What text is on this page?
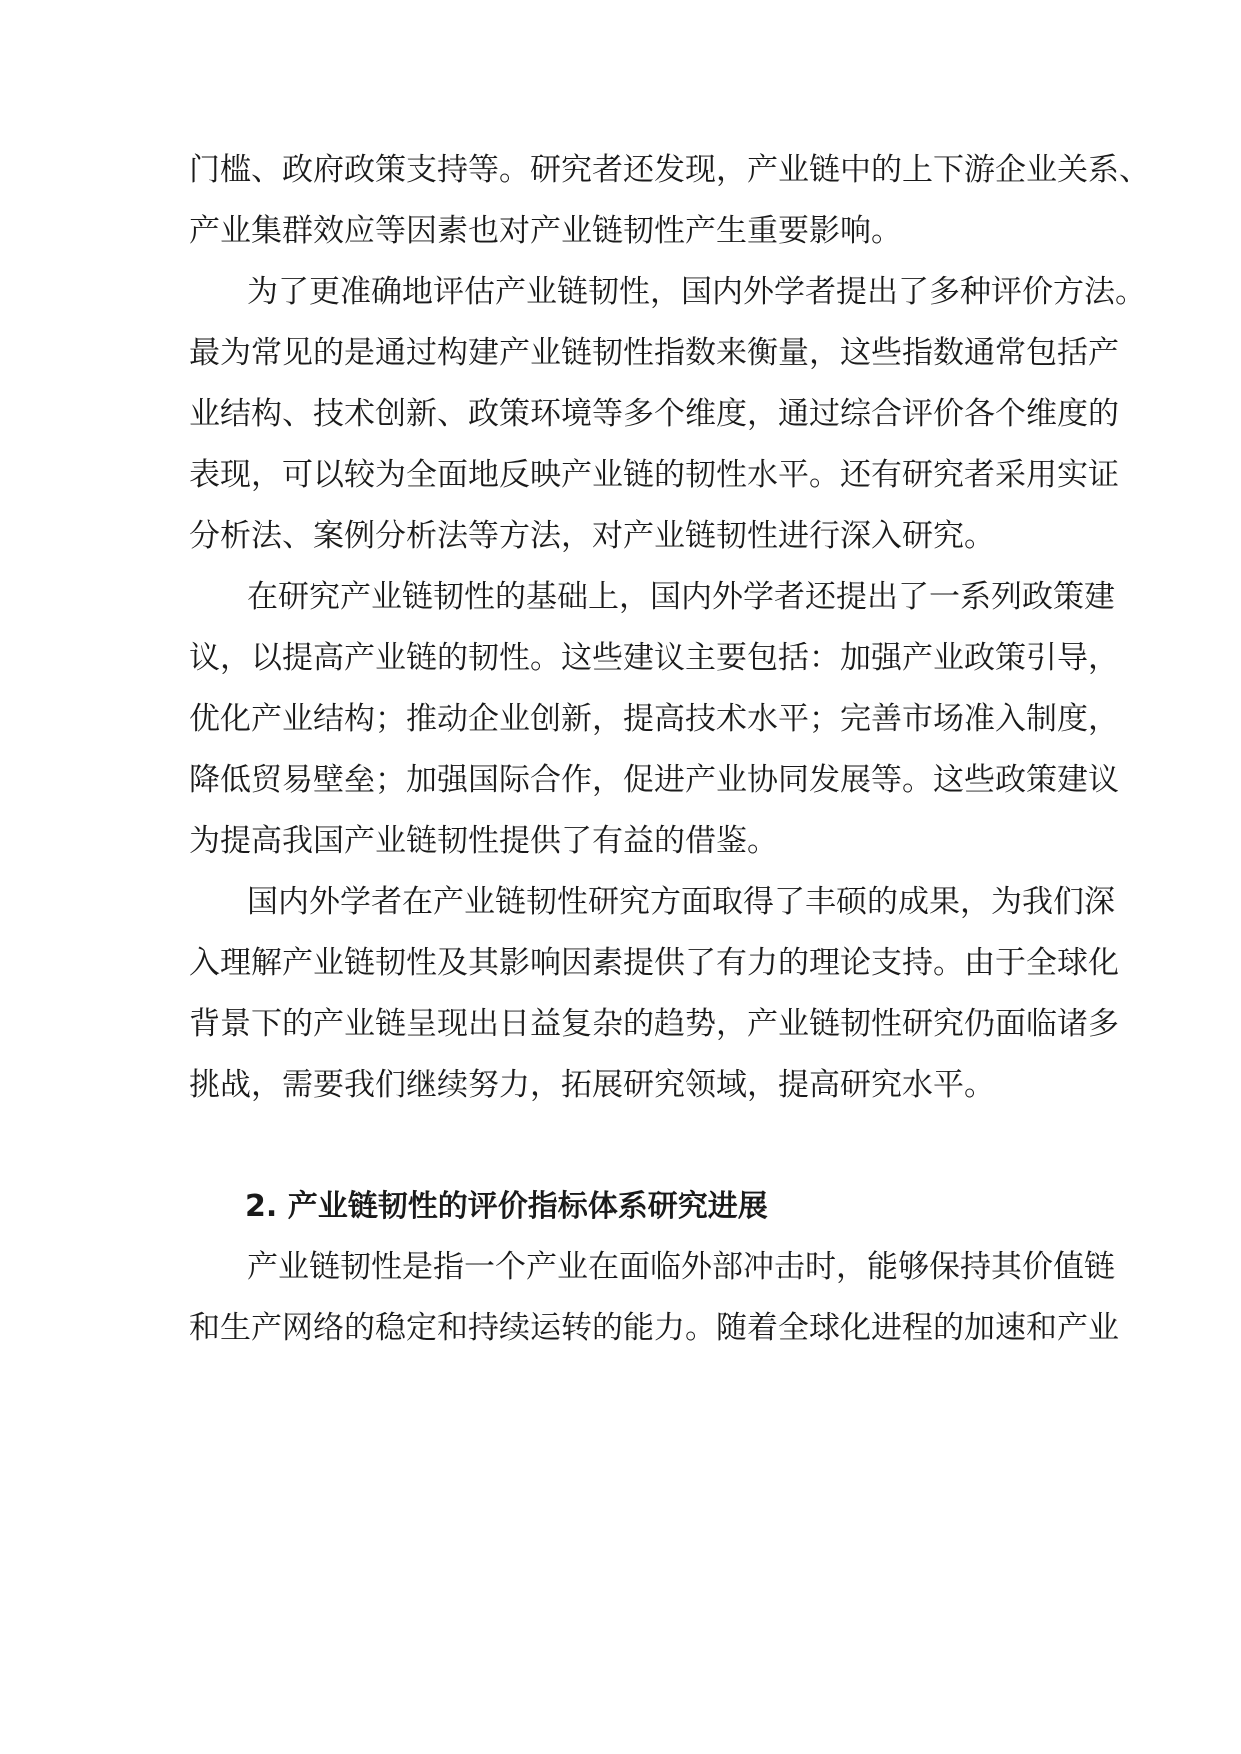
门槛、政府政策支持等。研究者还发现，产业链中的上下游企业关系、
产业集群效应等因素也对产业链韧性产生重要影响。
为了更准确地评估产业链韧性，国内外学者提出了多种评价方法。
最为常见的是通过构建产业链韧性指数来衡量，这些指数通常包括产
业结构、技术创新、政策环境等多个维度，通过综合评价各个维度的
表现，可以较为全面地反映产业链的韧性水平。还有研究者采用实证
分析法、案例分析法等方法，对产业链韧性进行深入研究。
在研究产业链韧性的基础上，国内外学者还提出了一系列政策建
议，以提高产业链的韧性。这些建议主要包括：加强产业政策引导，
优化产业结构；推动企业创新，提高技术水平；完善市场准入制度，
降低贸易壁垒；加强国际合作，促进产业协同发展等。这些政策建议
为提高我国产业链韧性提供了有益的借鉴。
国内外学者在产业链韧性研究方面取得了丰硕的成果，为我们深
入理解产业链韧性及其影响因素提供了有力的理论支持。由于全球化
背景下的产业链呈现出日益复杂的趋势，产业链韧性研究仍面临诸多
挑战，需要我们继续努力，拓展研究领域，提高研究水平。
2. 产业链韧性的评价指标体系研究进展
产业链韧性是指一个产业在面临外部冲击时，能够保持其价值链
和生产网络的稳定和持续运转的能力。随着全球化进程的加速和产业
